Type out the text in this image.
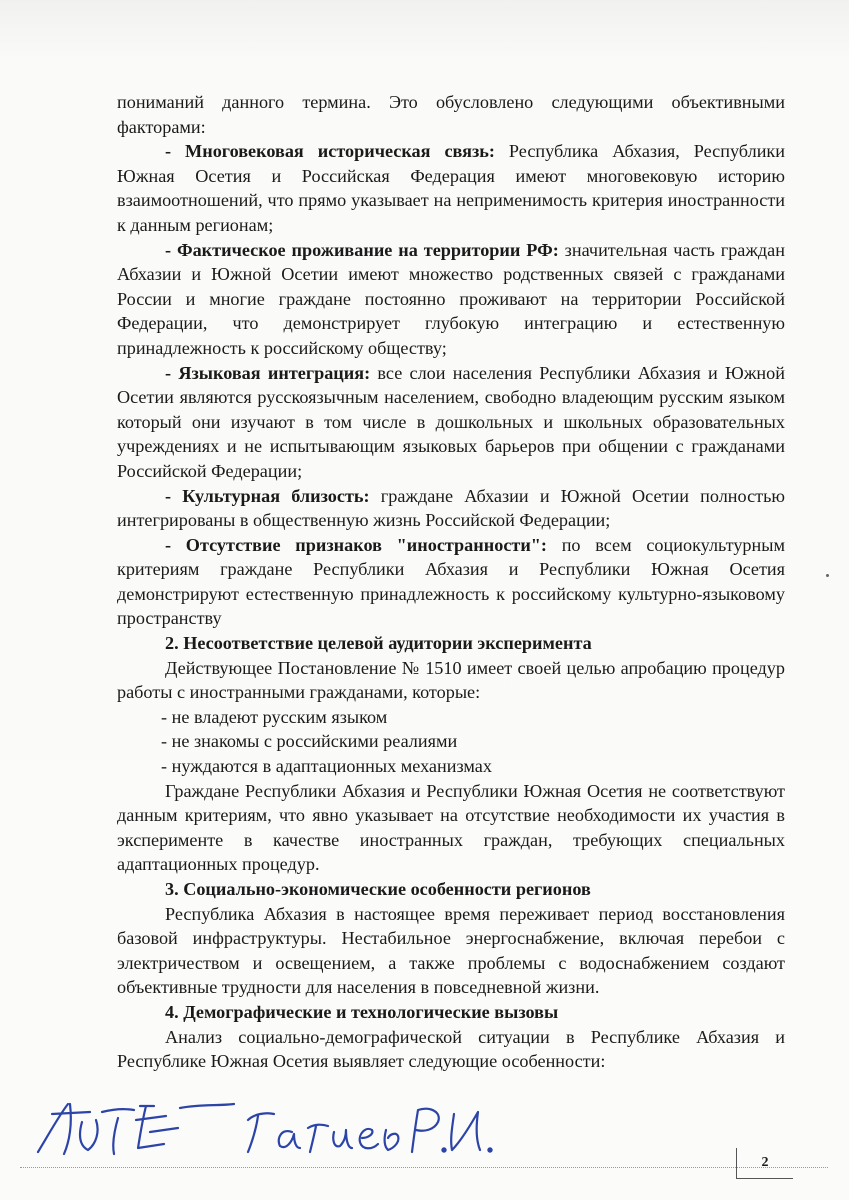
пониманий данного термина. Это обусловлено следующими объективными факторами:

- Многовековая историческая связь: Республика Абхазия, Республики Южная Осетия и Российская Федерация имеют многовековую историю взаимоотношений, что прямо указывает на неприменимость критерия иностранности к данным регионам;

- Фактическое проживание на территории РФ: значительная часть граждан Абхазии и Южной Осетии имеют множество родственных связей с гражданами России и многие граждане постоянно проживают на территории Российской Федерации, что демонстрирует глубокую интеграцию и естественную принадлежность к российскому обществу;

- Языковая интеграция: все слои населения Республики Абхазия и Южной Осетии являются русскоязычным населением, свободно владеющим русским языком который они изучают в том числе в дошкольных и школьных образовательных учреждениях и не испытывающим языковых барьеров при общении с гражданами Российской Федерации;

- Культурная близость: граждане Абхазии и Южной Осетии полностью интегрированы в общественную жизнь Российской Федерации;

- Отсутствие признаков "иностранности": по всем социокультурным критериям граждане Республики Абхазия и Республики Южная Осетия демонстрируют естественную принадлежность к российскому культурно-языковому пространству

2. Несоответствие целевой аудитории эксперимента

Действующее Постановление № 1510 имеет своей целью апробацию процедур работы с иностранными гражданами, которые:

- не владеют русским языком

- не знакомы с российскими реалиями

- нуждаются в адаптационных механизмах

Граждане Республики Абхазия и Республики Южная Осетия не соответствуют данным критериям, что явно указывает на отсутствие необходимости их участия в эксперименте в качестве иностранных граждан, требующих специальных адаптационных процедур.

3. Социально-экономические особенности регионов

Республика Абхазия в настоящее время переживает период восстановления базовой инфраструктуры. Нестабильное энергоснабжение, включая перебои с электричеством и освещением, а также проблемы с водоснабжением создают объективные трудности для населения в повседневной жизни.

4. Демографические и технологические вызовы

Анализ социально-демографической ситуации в Республике Абхазия и Республике Южная Осетия выявляет следующие особенности:

2
